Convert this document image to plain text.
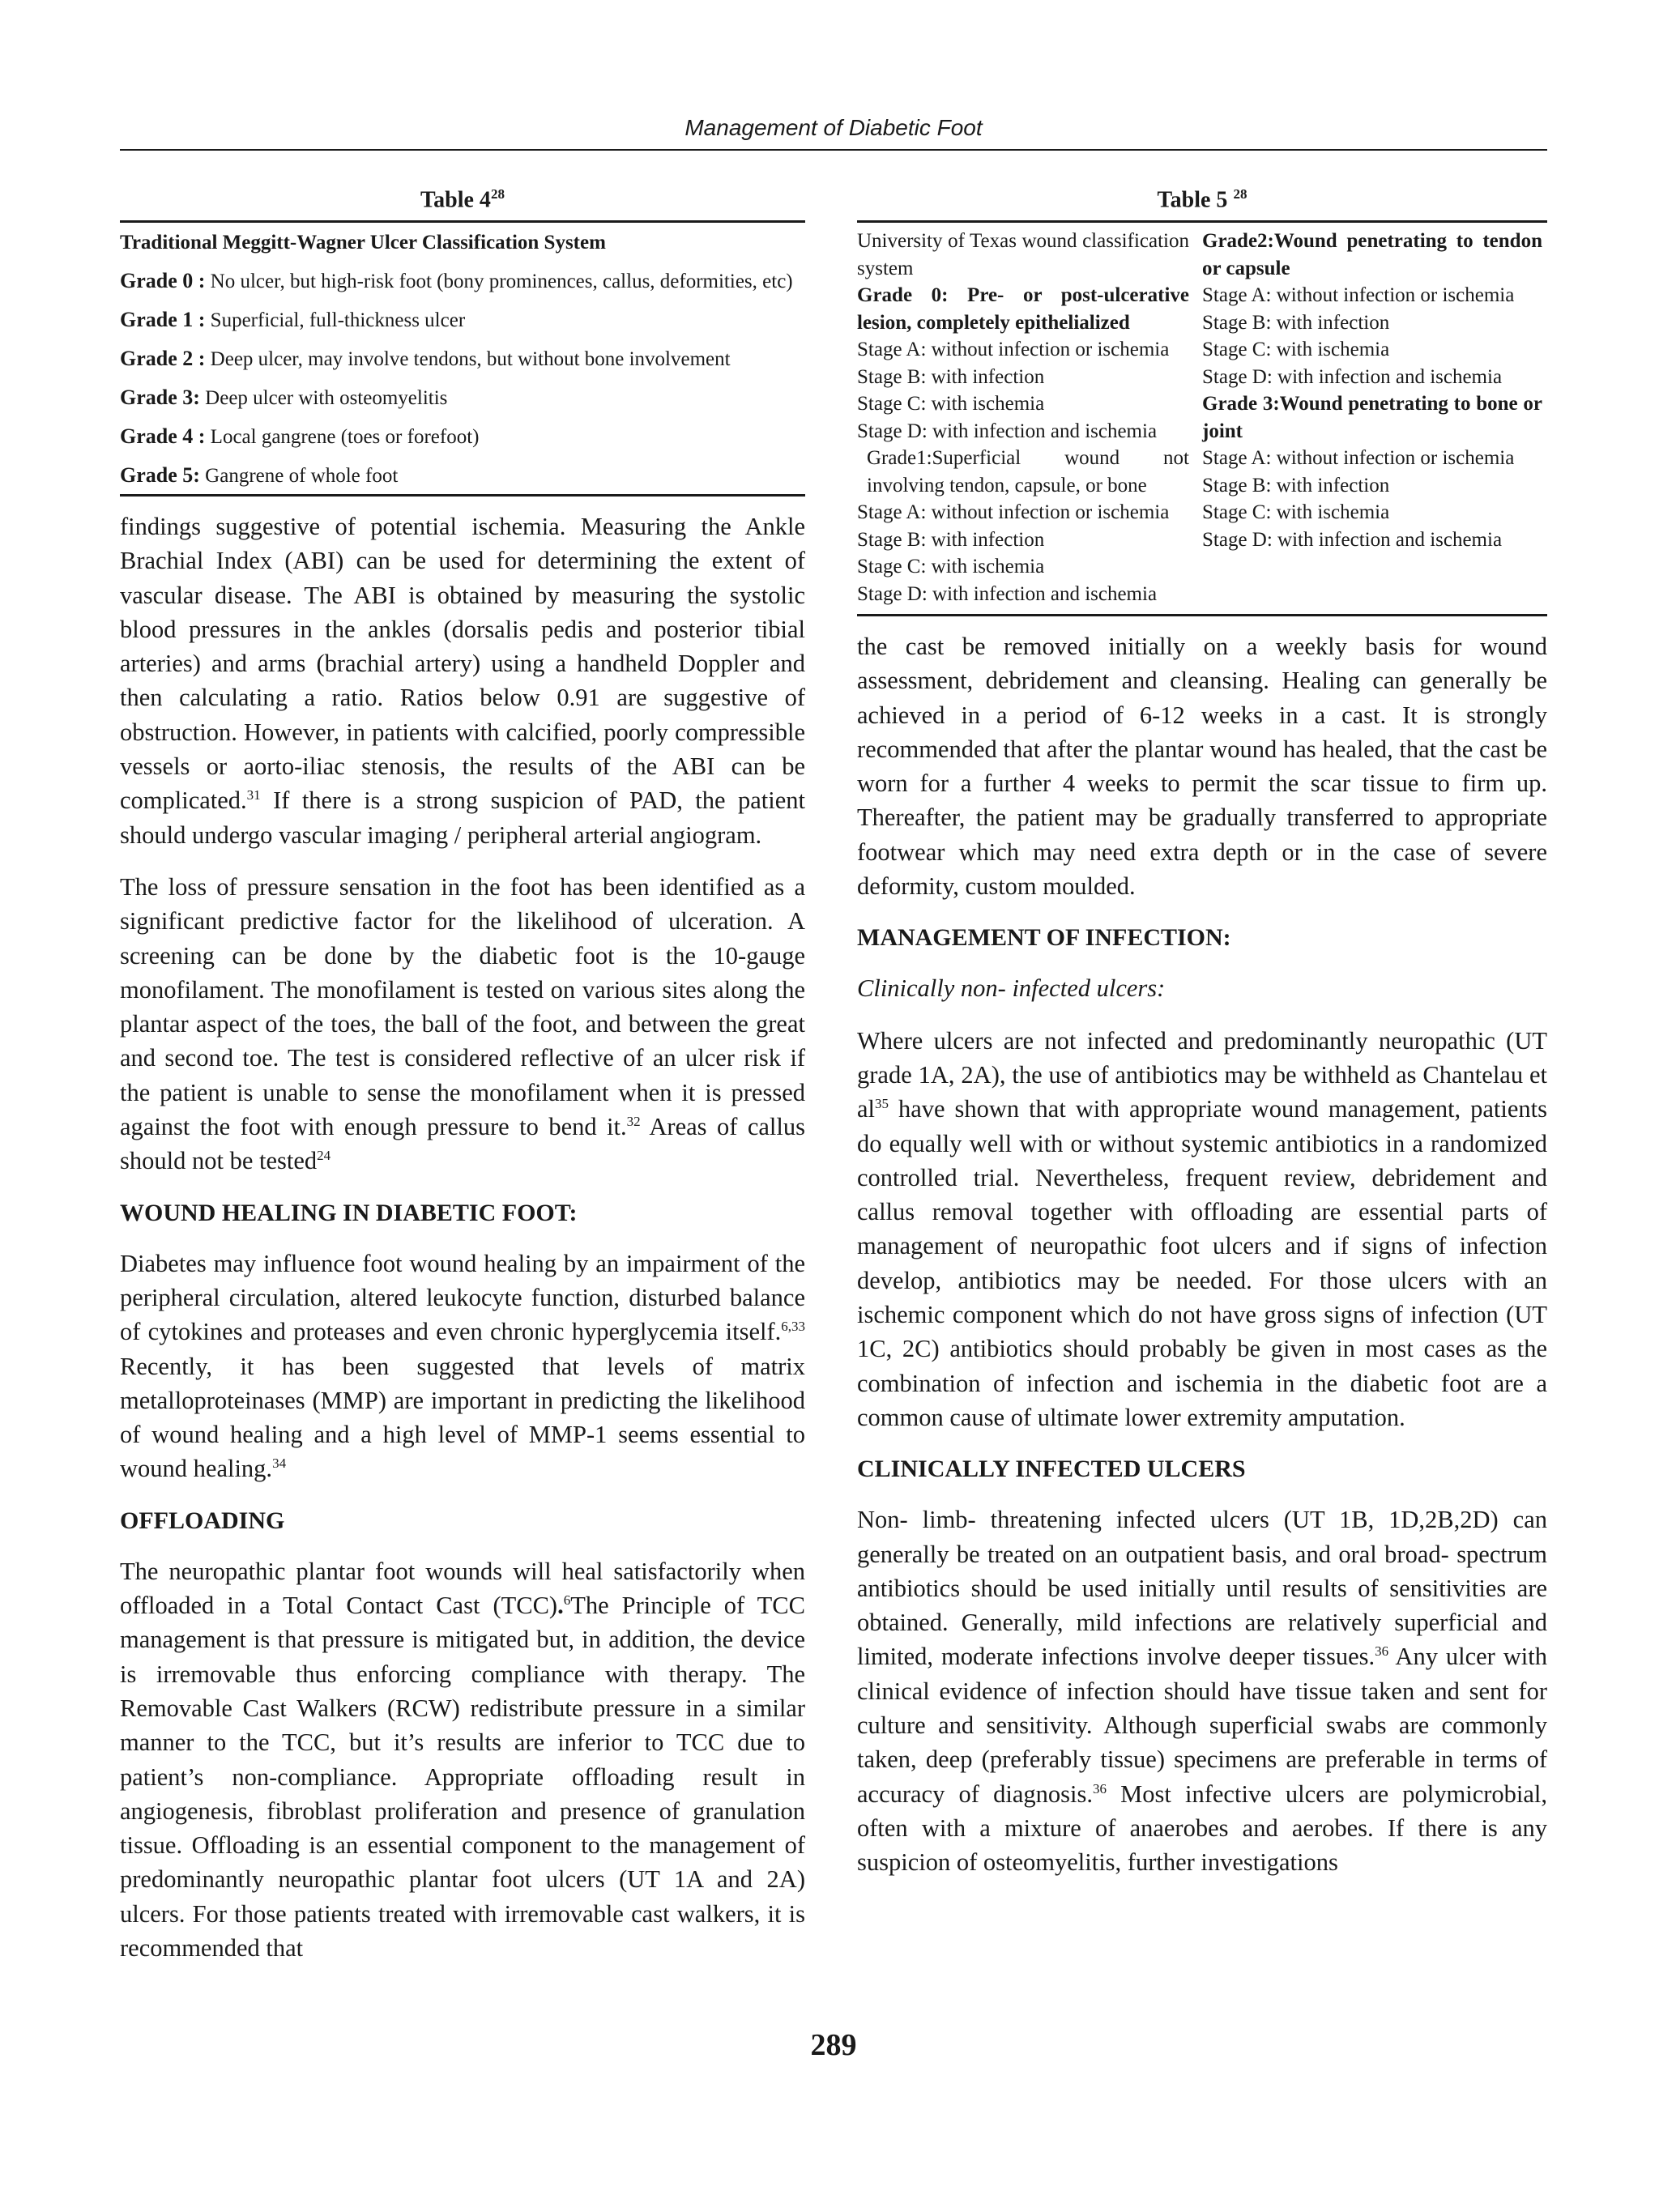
Management of Diabetic Foot
Table $4^{28}$
Traditional Meggitt-Wagner Ulcer Classification System
Grade 0 : No ulcer, but high-risk foot (bony prominences, callus, deformities, etc)
Grade 1 : Superficial, full-thickness ulcer
Grade 2 : Deep ulcer, may involve tendons, but without bone involvement
Grade 3: Deep ulcer with osteomyelitis
Grade 4 : Local gangrene (toes or forefoot)
Grade 5: Gangrene of whole foot

findings suggestive of potential ischemia. Measuring the Ankle Brachial Index (ABI) can be used for determining the extent of vascular disease. The ABI is obtained by measuring the systolic blood pressures in the ankles (dorsalis pedis and posterior tibial arteries) and arms (brachial artery) using a handheld Doppler and then calculating a ratio. Ratios below 0.91 are suggestive of obstruction. However, in patients with calcified, poorly compressible vessels or aorto-iliac stenosis, the results of the ABI can be complicated.$^{31}$ If there is a strong suspicion of PAD, the patient should undergo vascular imaging / peripheral arterial angiogram.

The loss of pressure sensation in the foot has been identified as a significant predictive factor for the likelihood of ulceration. A screening can be done by the diabetic foot is the 10-gauge monofilament. The monofilament is tested on various sites along the plantar aspect of the toes, the ball of the foot, and between the great and second toe. The test is considered reflective of an ulcer risk if the patient is unable to sense the monofilament when it is pressed against the foot with enough pressure to bend it.$^{32}$ Areas of callus should not be tested$^{24}$

WOUND HEALING IN DIABETIC FOOT:

Diabetes may influence foot wound healing by an impairment of the peripheral circulation, altered leukocyte function, disturbed balance of cytokines and proteases and even chronic hyperglycemia itself.$^{6,33}$ Recently, it has been suggested that levels of matrix metalloproteinases (MMP) are important in predicting the likelihood of wound healing and a high level of MMP-1 seems essential to wound healing.$^{34}$

OFFLOADING

The neuropathic plantar foot wounds will heal satisfactorily when offloaded in a Total Contact Cast (TCC).$^6$The Principle of TCC management is that pressure is mitigated but, in addition, the device is irremovable thus enforcing compliance with therapy. The Removable Cast Walkers (RCW) redistribute pressure in a similar manner to the TCC, but it’s results are inferior to TCC due to patient’s non-compliance. Appropriate offloading result in angiogenesis, fibroblast proliferation and presence of granulation tissue. Offloading is an essential component to the management of predominantly neuropathic plantar foot ulcers (UT 1A and 2A) ulcers. For those patients treated with irremovable cast walkers, it is recommended that

Table 5 $^{28}$

University of Texas wound classification system

Grade 0: Pre- or post-ulcerative lesion, completely epithelialized

Stage A: without infection or ischemia

Stage B: with infection

Stage C: with ischemia

Stage D: with infection and ischemia

Grade1:Superficial wound not involving tendon, capsule, or bone

Stage A: without infection or ischemia

Stage B: with infection

Stage C: with ischemia

Stage D: with infection and ischemia

Grade2:Wound penetrating to tendon or capsule

Stage A: without infection or ischemia

Stage B: with infection

Stage C: with ischemia

Stage D: with infection and ischemia

Grade 3:Wound penetrating to bone or joint

Stage A: without infection or ischemia

Stage B: with infection

Stage C: with ischemia

Stage D: with infection and ischemia

the cast be removed initially on a weekly basis for wound assessment, debridement and cleansing. Healing can generally be achieved in a period of 6-12 weeks in a cast. It is strongly recommended that after the plantar wound has healed, that the cast be worn for a further 4 weeks to permit the scar tissue to firm up. Thereafter, the patient may be gradually transferred to appropriate footwear which may need extra depth or in the case of severe deformity, custom moulded.

MANAGEMENT OF INFECTION:

Clinically non- infected ulcers:

Where ulcers are not infected and predominantly neuropathic (UT grade 1A, 2A), the use of antibiotics may be withheld as Chantelau et $al^{35}$ have shown that with appropriate wound management, patients do equally well with or without systemic antibiotics in a randomized controlled trial. Nevertheless, frequent review, debridement and callus removal together with offloading are essential parts of management of neuropathic foot ulcers and if signs of infection develop, antibiotics may be needed. For those ulcers with an ischemic component which do not have gross signs of infection (UT 1C, 2C) antibiotics should probably be given in most cases as the combination of infection and ischemia in the diabetic foot are a common cause of ultimate lower extremity amputation.

CLINICALLY INFECTED ULCERS

Non- limb- threatening infected ulcers (UT 1B, 1D,2B,2D) can generally be treated on an outpatient basis, and oral broad- spectrum antibiotics should be used initially until results of sensitivities are obtained. Generally, mild infections are relatively superficial and limited, moderate infections involve deeper tissues.$^{36}$ Any ulcer with clinical evidence of infection should have tissue taken and sent for culture and sensitivity. Although superficial swabs are commonly taken, deep (preferably tissue) specimens are preferable in terms of accuracy of diagnosis.$^{36}$ Most infective ulcers are polymicrobial, often with a mixture of anaerobes and aerobes. If there is any suspicion of osteomyelitis, further investigations

289
